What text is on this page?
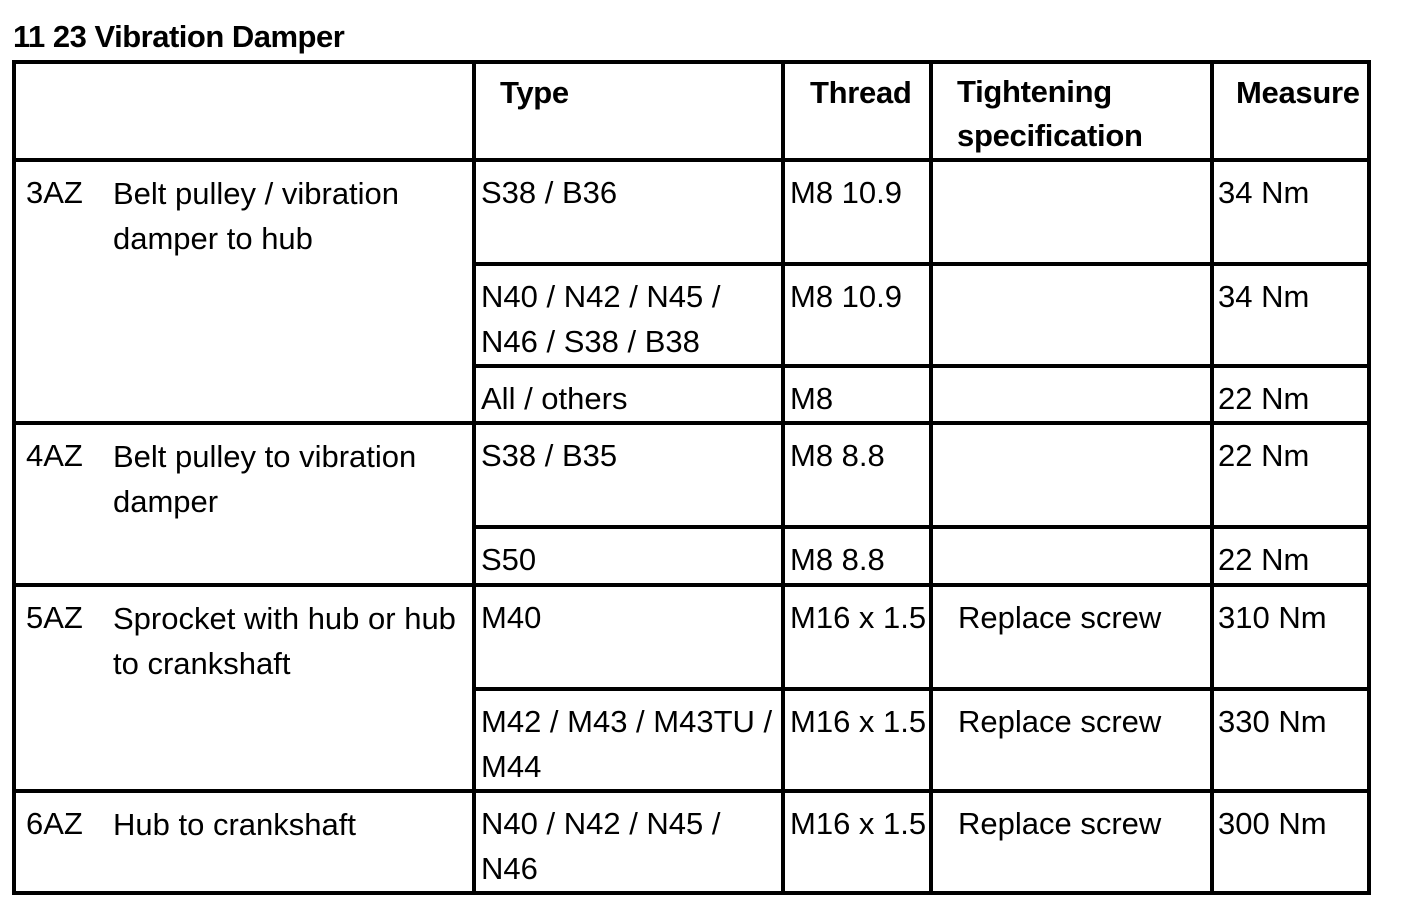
11 23 Vibration Damper
	Type	Thread	Tightening specification	Measure

3AZ Belt pulley / vibration damper to hub	S38 / B36	M8 10.9		34 Nm
	N40 / N42 / N45 / N46 / S38 / B38	M8 10.9		34 Nm
	All / others	M8		22 Nm

4AZ Belt pulley to vibration damper	S38 / B35	M8 8.8		22 Nm
	S50	M8 8.8		22 Nm

5AZ Sprocket with hub or hub to crankshaft	M40	M16 x 1.5	Replace screw	310 Nm
	M42 / M43 / M43TU / M44	M16 x 1.5	Replace screw	330 Nm

6AZ Hub to crankshaft	N40 / N42 / N45 / N46	M16 x 1.5	Replace screw	300 Nm
